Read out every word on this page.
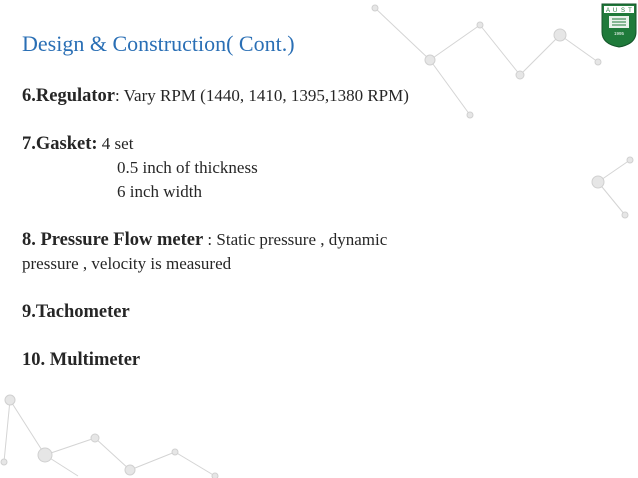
Design & Construction( Cont.)
A U S T
1995
6.Regulator: Vary RPM (1440, 1410, 1395,1380 RPM)
7.Gasket: 4 set
0.5 inch of thickness
6 inch width
8. Pressure Flow meter : Static pressure , dynamic
pressure , velocity is measured
9.Tachometer
10. Multimeter
